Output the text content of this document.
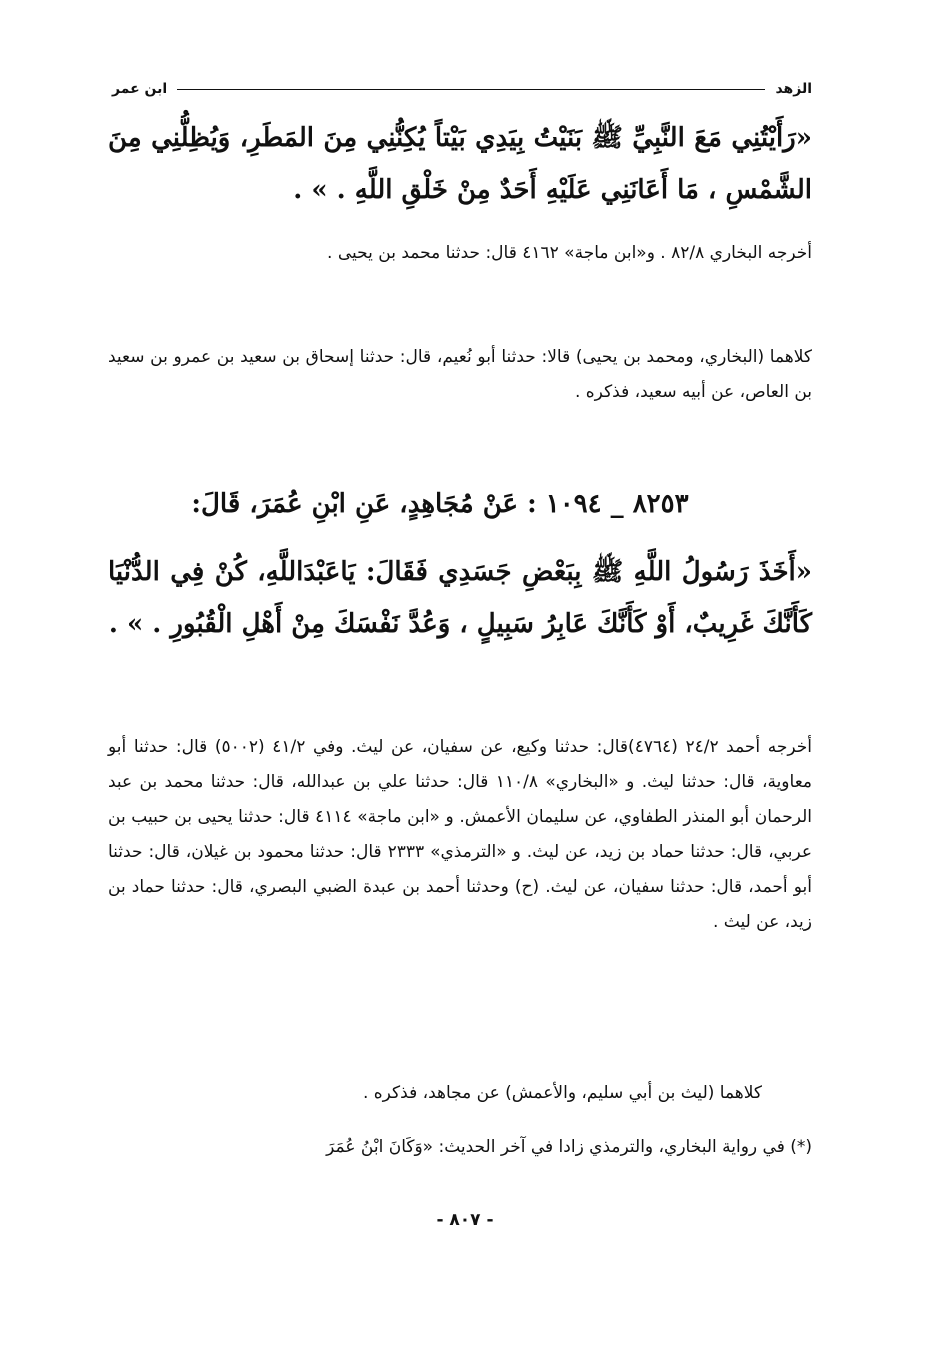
الزهد
ابن عمر
«رَأَيْتُنِي مَعَ النَّبِيِّ ﷺ بَنَيْتُ بِيَدِي بَيْتاً يُكِنُّنِي مِنَ المَطَرِ، وَيُظِلُّنِي مِنَ الشَّمْسِ ، مَا أَعَانَنِي عَلَيْهِ أَحَدٌ مِنْ خَلْقِ اللَّهِ . » .
أخرجه البخاري ٨٢/٨ . و«ابن ماجة» ٤١٦٢ قال: حدثنا محمد بن يحيى .
كلاهما (البخاري، ومحمد بن يحيى) قالا: حدثنا أبو نُعيم، قال: حدثنا إسحاق بن سعيد بن عمرو بن سعيد بن العاص، عن أبيه سعيد، فذكره .
٨٢٥٣ _ ١٠٩٤ : عَنْ مُجَاهِدٍ، عَنِ ابْنِ عُمَرَ، قَالَ:
«أَخَذَ رَسُولُ اللَّهِ ﷺ بِبَعْضِ جَسَدِي فَقَالَ: يَاعَبْدَاللَّهِ، كُنْ فِي الدُّنْيَا كَأَنَّكَ غَرِيبٌ، أَوْ كَأَنَّكَ عَابِرُ سَبِيلٍ ، وَعُدَّ نَفْسَكَ مِنْ أَهْلِ الْقُبُورِ . » .
أخرجه أحمد ٢٤/٢ (٤٧٦٤)قال: حدثنا وكيع، عن سفيان، عن ليث. وفي ٤١/٢ (٥٠٠٢) قال: حدثنا أبو معاوية، قال: حدثنا ليث. و «البخاري» ١١٠/٨ قال: حدثنا علي بن عبدالله، قال: حدثنا محمد بن عبد الرحمان أبو المنذر الطفاوي، عن سليمان الأعمش. و «ابن ماجة» ٤١١٤ قال: حدثنا يحيى بن حبيب بن عربي، قال: حدثنا حماد بن زيد، عن ليث. و «الترمذي» ٢٣٣٣ قال: حدثنا محمود بن غيلان، قال: حدثنا أبو أحمد، قال: حدثنا سفيان، عن ليث. (ح) وحدثنا أحمد بن عبدة الضبي البصري، قال: حدثنا حماد بن زيد، عن ليث .
كلاهما (ليث بن أبي سليم، والأعمش) عن مجاهد، فذكره .
(*) في رواية البخاري، والترمذي زادا في آخر الحديث: «وَكَانَ ابْنُ عُمَرَ
- ٨٠٧ -
